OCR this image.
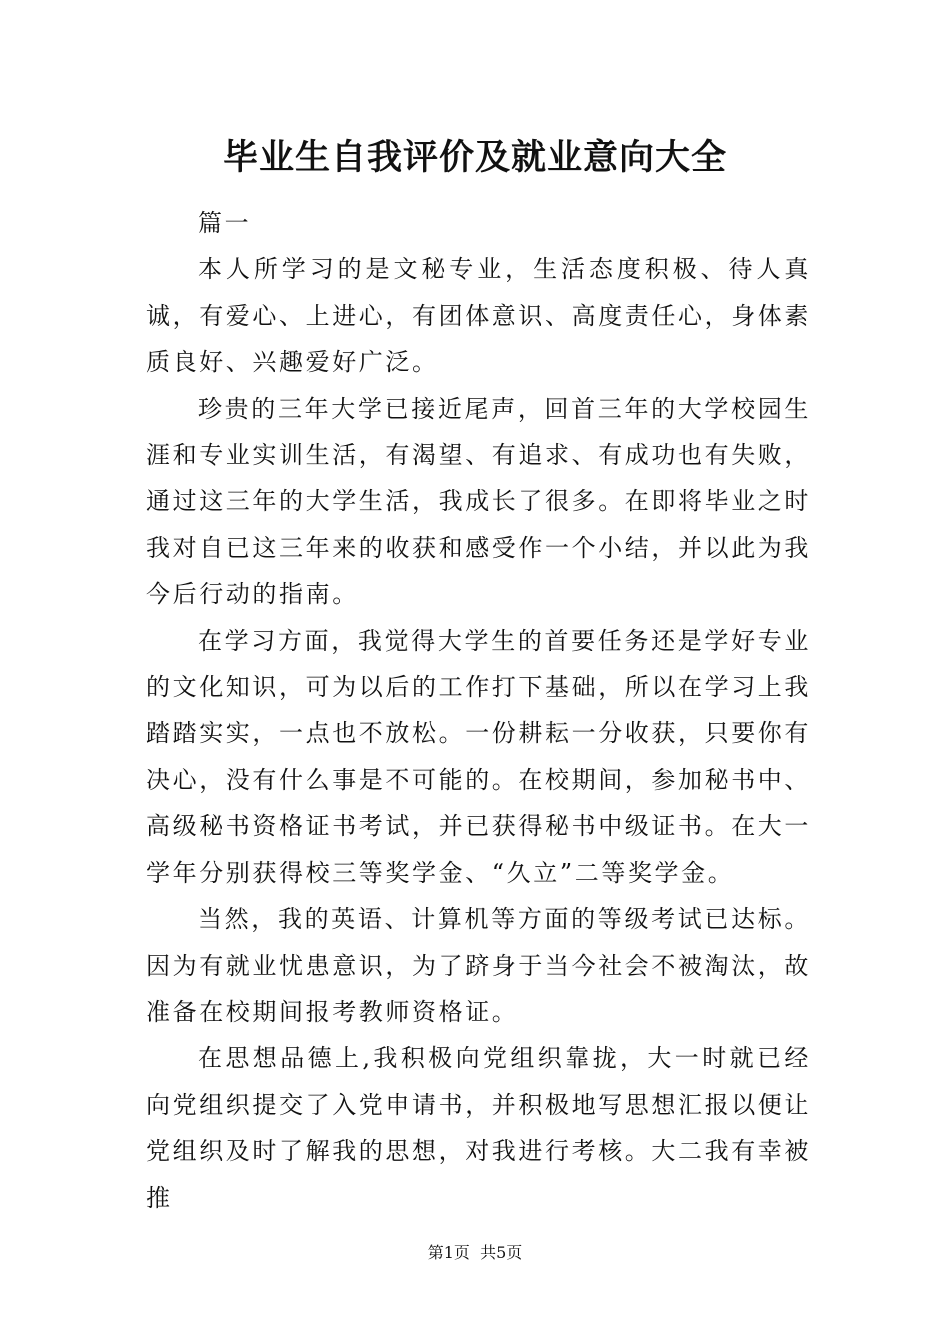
毕业生自我评价及就业意向大全

篇一

本人所学习的是文秘专业，生活态度积极、待人真诚，有爱心、上进心，有团体意识、高度责任心，身体素质良好、兴趣爱好广泛。

珍贵的三年大学已接近尾声，回首三年的大学校园生涯和专业实训生活，有渴望、有追求、有成功也有失败，通过这三年的大学生活，我成长了很多。在即将毕业之时我对自已这三年来的收获和感受作一个小结，并以此为我今后行动的指南。

在学习方面，我觉得大学生的首要任务还是学好专业的文化知识，可为以后的工作打下基础，所以在学习上我踏踏实实，一点也不放松。一份耕耘一分收获，只要你有决心，没有什么事是不可能的。在校期间，参加秘书中、高级秘书资格证书考试，并已获得秘书中级证书。在大一学年分别获得校三等奖学金、“久立”二等奖学金。

当然，我的英语、计算机等方面的等级考试已达标。因为有就业忧患意识，为了跻身于当今社会不被淘汰，故准备在校期间报考教师资格证。

在思想品德上,我积极向党组织靠拢，大一时就已经向党组织提交了入党申请书，并积极地写思想汇报以便让党组织及时了解我的思想，对我进行考核。大二我有幸被推

第1页  共5页
